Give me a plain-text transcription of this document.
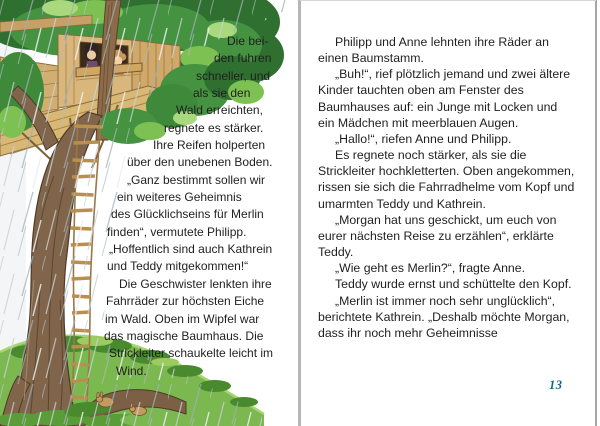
Die bei-
den fuhren
schneller, und
als sie den
Wald erreichten,
regnete es stärker.
Ihre Reifen holperten
über den unebenen Boden.
„Ganz bestimmt sollen wir
ein weiteres Geheimnis
des Glücklichseins für Merlin
finden“, vermutete Philipp.
„Hoffentlich sind auch Kathrein
und Teddy mitgekommen!“
Die Geschwister lenkten ihre
Fahrräder zur höchsten Eiche
im Wald. Oben im Wipfel war
das magische Baumhaus. Die
Strickleiter schaukelte leicht im
Wind.

Philipp und Anne lehnten ihre Räder an einen Baumstamm.

„Buh!“, rief plötzlich jemand und zwei ältere Kinder tauchten oben am Fenster des Baumhauses auf: ein Junge mit Locken und ein Mädchen mit meerblauen Augen.

„Hallo!“, riefen Anne und Philipp.

Es regnete noch stärker, als sie die Strickleiter hochkletterten. Oben angekommen, rissen sie sich die Fahrradhelme vom Kopf und umarmten Teddy und Kathrein.

„Morgan hat uns geschickt, um euch von eurer nächsten Reise zu erzählen“, erklärte Teddy.

„Wie geht es Merlin?“, fragte Anne.

Teddy wurde ernst und schüttelte den Kopf.

„Merlin ist immer noch sehr unglücklich“, berichtete Kathrein. „Deshalb möchte Morgan, dass ihr noch mehr Geheimnisse

13
